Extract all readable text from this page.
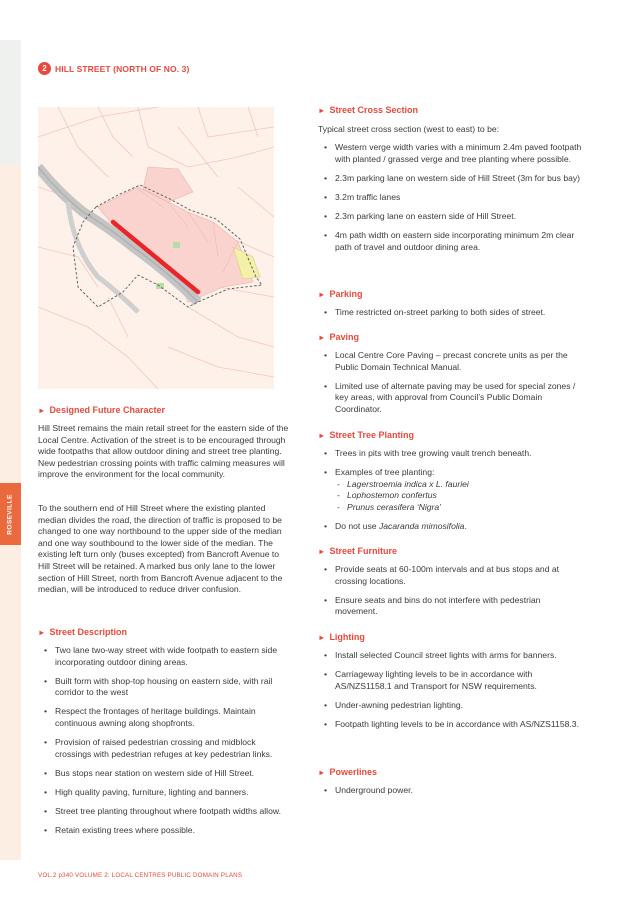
ROSEVILLE
2 HILL STREET (NORTH OF NO. 3)
► Designed Future Character

Hill Street remains the main retail street for the eastern side of the Local Centre. Activation of the street is to be encouraged through wide footpaths that allow outdoor dining and street tree planting. New pedestrian crossing points with traffic calming measures will improve the environment for the local community.

To the southern end of Hill Street where the existing planted median divides the road, the direction of traffic is proposed to be changed to one way northbound to the upper side of the median and one way southbound to the lower side of the median. The existing left turn only (buses excepted) from Bancroft Avenue to Hill Street will be retained. A marked bus only lane to the lower section of Hill Street, north from Bancroft Avenue adjacent to the median, will be introduced to reduce driver confusion.

► Street Description
• Two lane two-way street with wide footpath to eastern side incorporating outdoor dining areas.
• Built form with shop-top housing on eastern side, with rail corridor to the west
• Respect the frontages of heritage buildings. Maintain continuous awning along shopfronts.
• Provision of raised pedestrian crossing and midblock crossings with pedestrian refuges at key pedestrian links.
• Bus stops near station on western side of Hill Street.
• High quality paving, furniture, lighting and banners.
• Street tree planting throughout where footpath widths allow.
• Retain existing trees where possible.
► Street Cross Section

Typical street cross section (west to east) to be:

• Western verge width varies with a minimum 2.4m paved footpath with planted / grassed verge and tree planting where possible.
• 2.3m parking lane on western side of Hill Street (3m for bus bay)
• 3.2m traffic lanes
• 2.3m parking lane on eastern side of Hill Street.
• 4m path width on eastern side incorporating minimum 2m clear path of travel and outdoor dining area.
► Parking
• Time restricted on-street parking to both sides of street.
► Paving
• Local Centre Core Paving – precast concrete units as per the Public Domain Technical Manual.
• Limited use of alternate paving may be used for special zones / key areas, with approval from Council’s Public Domain Coordinator.
► Street Tree Planting
• Trees in pits with tree growing vault trench beneath.
• Examples of tree planting:
- Lagerstroemia indica x L. fauriei
- Lophostemon confertus
- Prunus cerasifera ‘Nigra’
• Do not use Jacaranda mimosifolia.
► Street Furniture
• Provide seats at 60-100m intervals and at bus stops and at crossing locations.
• Ensure seats and bins do not interfere with pedestrian movement.
► Lighting
• Install selected Council street lights with arms for banners.
• Carriageway lighting levels to be in accordance with AS/NZS1158.1 and Transport for NSW requirements.
• Under-awning pedestrian lighting.
• Footpath lighting levels to be in accordance with AS/NZS1158.3.
► Powerlines
• Underground power.
VOL.2 p340 VOLUME 2: LOCAL CENTRES PUBLIC DOMAIN PLANS
